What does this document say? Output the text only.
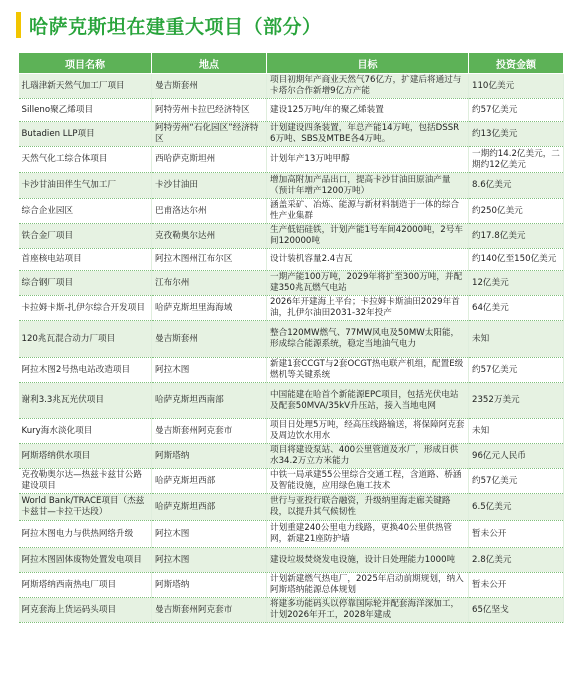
哈萨克斯坦在建重大项目（部分）
项目名称	地点	目标	投资金额
扎瑙津新天然气加工厂项目	曼吉斯套州	项目初期年产商业天然气76亿方，扩建后将通过与卡塔尔合作新增9亿方产能	110亿美元
Silleno聚乙烯项目	阿特劳州卡拉巴经济特区	建设125万吨/年的聚乙烯装置	约57亿美元
Butadien LLP项目	阿特劳州“石化园区”经济特区	计划建设四条装置，年总产能14万吨，包括DSSR 6万吨、SBS及MTBE各4万吨。	约13亿美元
天然气化工综合体项目	西哈萨克斯坦州	计划年产13万吨甲醇	一期约14.2亿美元，二期约12亿美元
卡沙甘油田伴生气加工厂	卡沙甘油田	增加高附加产品出口，提高卡沙甘油田原油产量（预计年增产1200万吨）	8.6亿美元
综合企业园区	巴甫洛达尔州	涵盖采矿、冶炼、能源与新材料制造于一体的综合性产业集群	约250亿美元
铁合金厂项目	克孜勒奥尔达州	生产低铝硅铁，计划产能1号车间42000吨，2号车间120000吨	约17.8亿美元
首座核电站项目	阿拉木图州江布尔区	设计装机容量2.4吉瓦	约140亿至150亿美元
综合钢厂项目	江布尔州	一期产能100万吨，2029年将扩至300万吨，并配建350兆瓦燃气电站	12亿美元
卡拉姆卡斯-扎伊尔综合开发项目	哈萨克斯坦里海海域	2026年开建海上平台；卡拉姆卡斯油田2029年首油，扎伊尔油田2031-32年投产	64亿美元
120兆瓦混合动力厂项目	曼吉斯套州	整合120MW燃气、77MW风电及50MW太阳能，形成综合能源系统，稳定当地油气电力	未知
阿拉木图2号热电站改造项目	阿拉木图	新建1套CCGT与2套OCGT热电联产机组，配置E级燃机等关键系统	约57亿美元
谢利3.3兆瓦光伏项目	哈萨克斯坦西南部	中国能建在哈首个新能源EPC项目，包括光伏电站及配套50MVA/35kV升压站，接入当地电网	2352万美元
Kury海水淡化项目	曼吉斯套州阿克套市	项目日处理5万吨，经高压线路输送，将保障阿克套及周边饮水用水	未知
阿斯塔纳供水项目	阿斯塔纳	项目将建设泵站、400公里管道及水厂，形成日供水34.2万立方米能力	96亿元人民币
克孜勒奥尔达—热兹卡兹甘公路建设项目	哈萨克斯坦西部	中铁一局承建55公里综合交通工程，含道路、桥涵及智能设施，应用绿色施工技术	约57亿美元
World Bank/TRACE项目（杰兹卡兹甘—卡拉干达段）	哈萨克斯坦西部	世行与亚投行联合融资，升级纳里海走廊关键路段，以提升其气候韧性	6.5亿美元
阿拉木图电力与供热网络升级	阿拉木图	计划重建240公里电力线路，更换40公里供热管网，新建21座防护墙	暂未公开
阿拉木图固体废物处置发电项目	阿拉木图	建设垃圾焚烧发电设施，设计日处理能力1000吨	2.8亿美元
阿斯塔纳西南热电厂项目	阿斯塔纳	计划新建燃气热电厂，2025年启动前期规划，纳入阿斯塔纳能源总体规划	暂未公开
阿克套海上货运码头项目	曼吉斯套州阿克套市	将建多功能码头以停靠国际轮并配套海洋深加工，计划2026年开工，2028年建成	65亿坚戈
